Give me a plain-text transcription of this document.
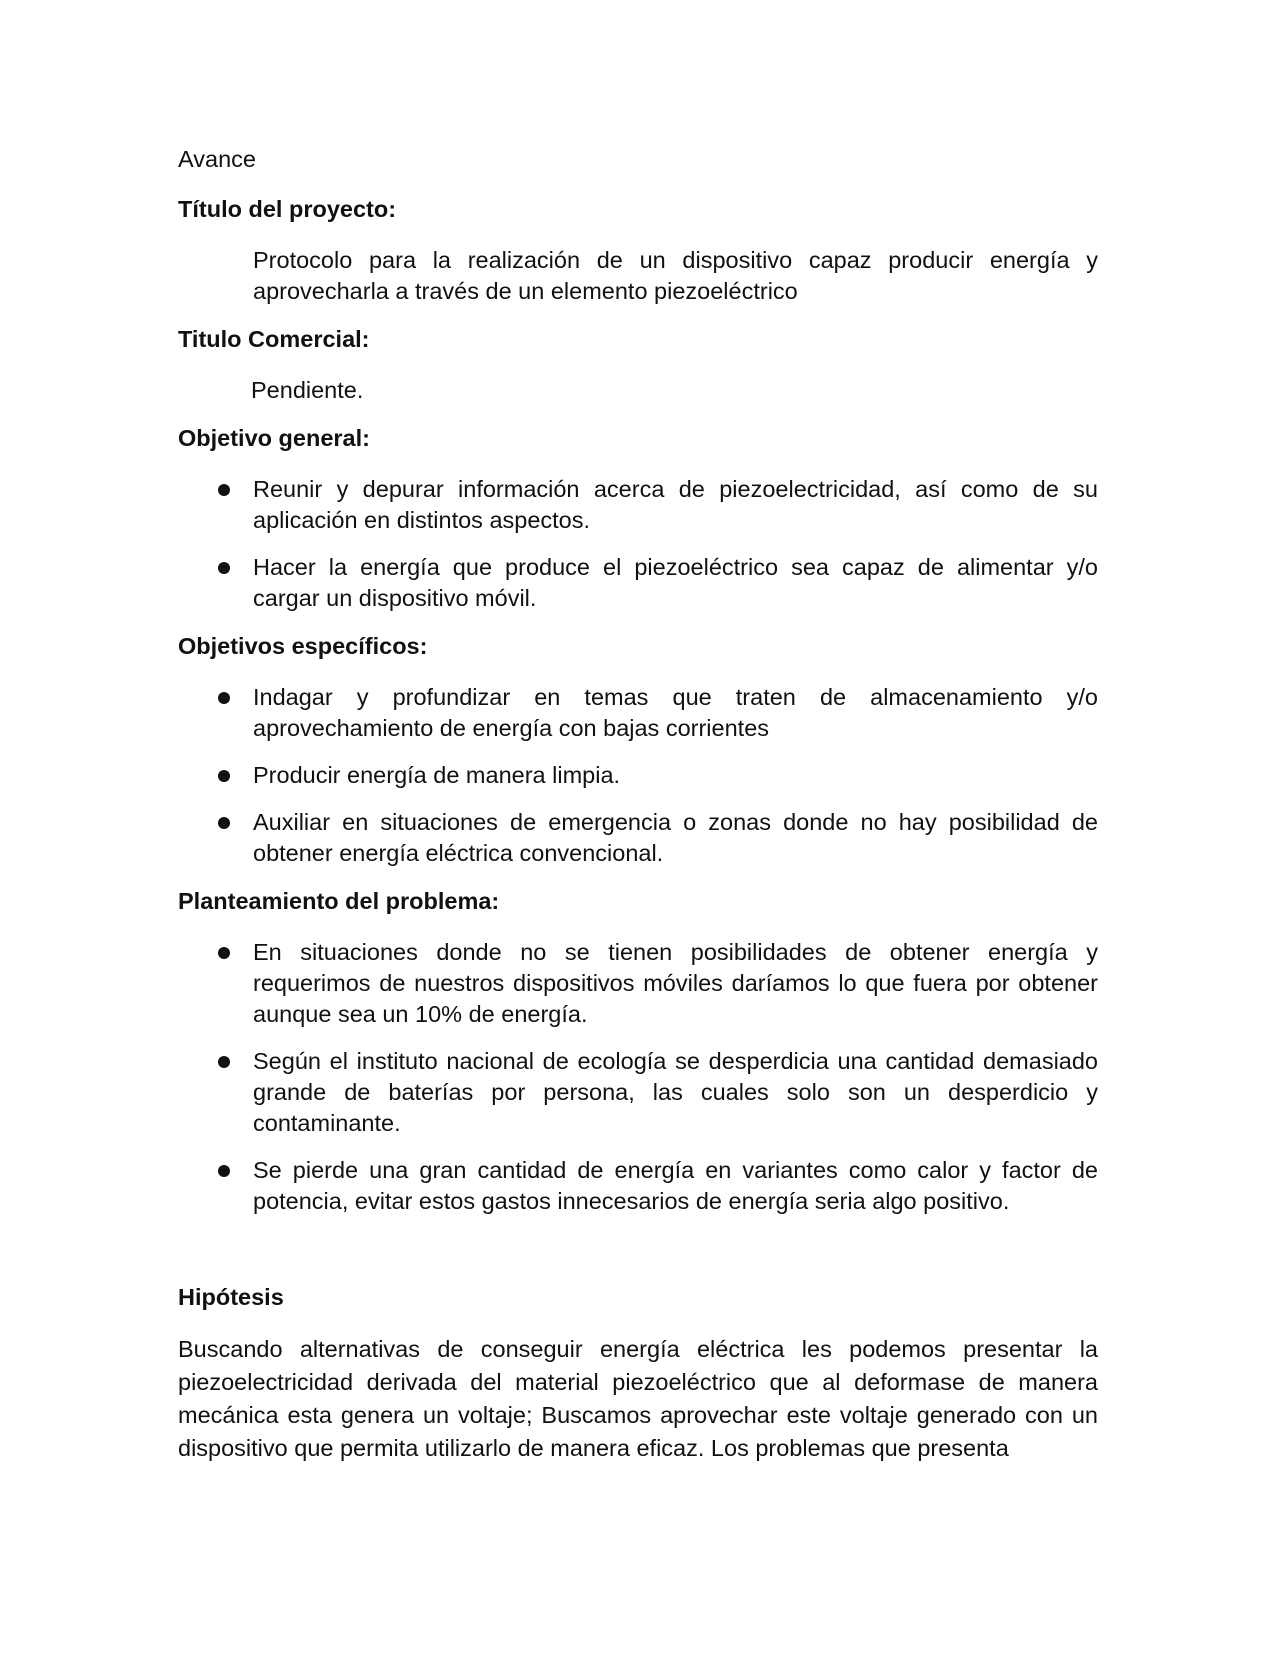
Avance
Título del proyecto:
Protocolo para la realización de un dispositivo capaz producir energía y aprovecharla a través de un elemento piezoeléctrico
Titulo Comercial:
Pendiente.
Objetivo general:
Reunir y depurar información acerca de piezoelectricidad, así como de su aplicación en distintos aspectos.
Hacer la energía que produce el piezoeléctrico sea capaz de alimentar y/o cargar un dispositivo móvil.
Objetivos específicos:
Indagar y profundizar en temas que traten de almacenamiento y/o aprovechamiento de energía con bajas corrientes
Producir energía de manera limpia.
Auxiliar en situaciones de emergencia o zonas donde no hay posibilidad de obtener energía eléctrica convencional.
Planteamiento del problema:
En situaciones donde no se tienen posibilidades de obtener energía y requerimos de nuestros dispositivos móviles daríamos lo que fuera por obtener aunque sea un 10% de energía.
Según el instituto nacional de ecología se desperdicia una cantidad demasiado grande de baterías por persona, las cuales solo son un desperdicio y contaminante.
Se pierde una gran cantidad de energía en variantes como calor y factor de potencia, evitar estos gastos innecesarios de energía seria algo positivo.
Hipótesis

Buscando alternativas de conseguir energía eléctrica les podemos presentar la piezoelectricidad derivada del material piezoeléctrico que al deformase de manera mecánica esta genera un voltaje; Buscamos aprovechar este voltaje generado con un dispositivo que permita utilizarlo de manera eficaz. Los problemas que presenta
